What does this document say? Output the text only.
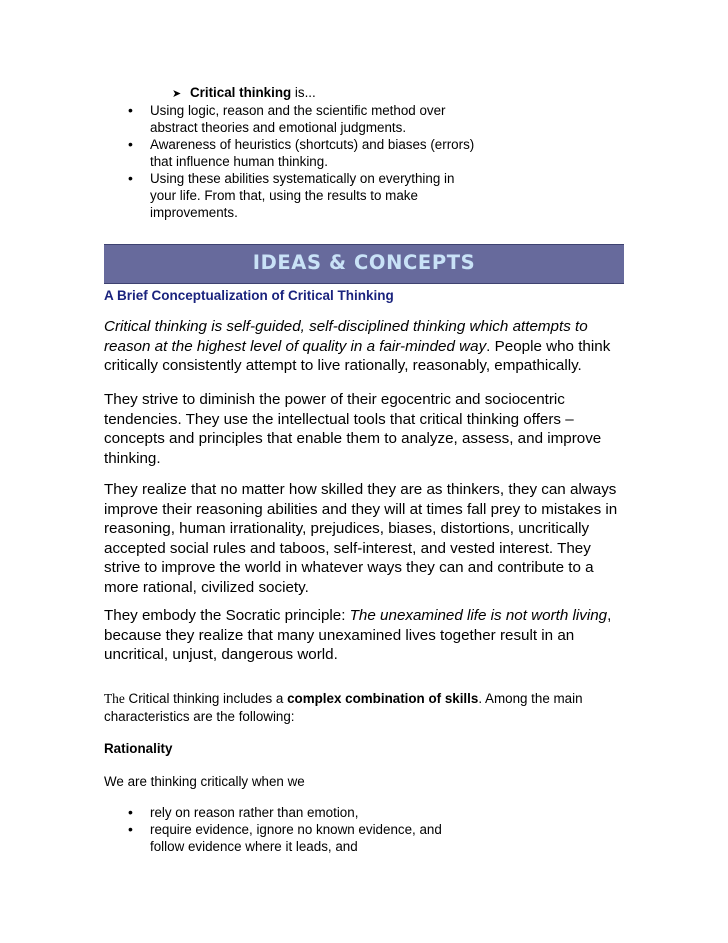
➤ Critical thinking is...
• Using logic, reason and the scientific method over abstract theories and emotional judgments.
• Awareness of heuristics (shortcuts) and biases (errors) that influence human thinking.
• Using these abilities systematically on everything in your life. From that, using the results to make improvements.
IDEAS & CONCEPTS
A Brief Conceptualization of Critical Thinking
Critical thinking is self-guided, self-disciplined thinking which attempts to reason at the highest level of quality in a fair-minded way. People who think critically consistently attempt to live rationally, reasonably, empathically.
They strive to diminish the power of their egocentric and sociocentric tendencies. They use the intellectual tools that critical thinking offers – concepts and principles that enable them to analyze, assess, and improve thinking.
They realize that no matter how skilled they are as thinkers, they can always improve their reasoning abilities and they will at times fall prey to mistakes in reasoning, human irrationality, prejudices, biases, distortions, uncritically accepted social rules and taboos, self-interest, and vested interest. They strive to improve the world in whatever ways they can and contribute to a more rational, civilized society.
They embody the Socratic principle: The unexamined life is not worth living, because they realize that many unexamined lives together result in an uncritical, unjust, dangerous world.
The Critical thinking includes a complex combination of skills. Among the main characteristics are the following:
Rationality
We are thinking critically when we
• rely on reason rather than emotion,
• require evidence, ignore no known evidence, and follow evidence where it leads, and
